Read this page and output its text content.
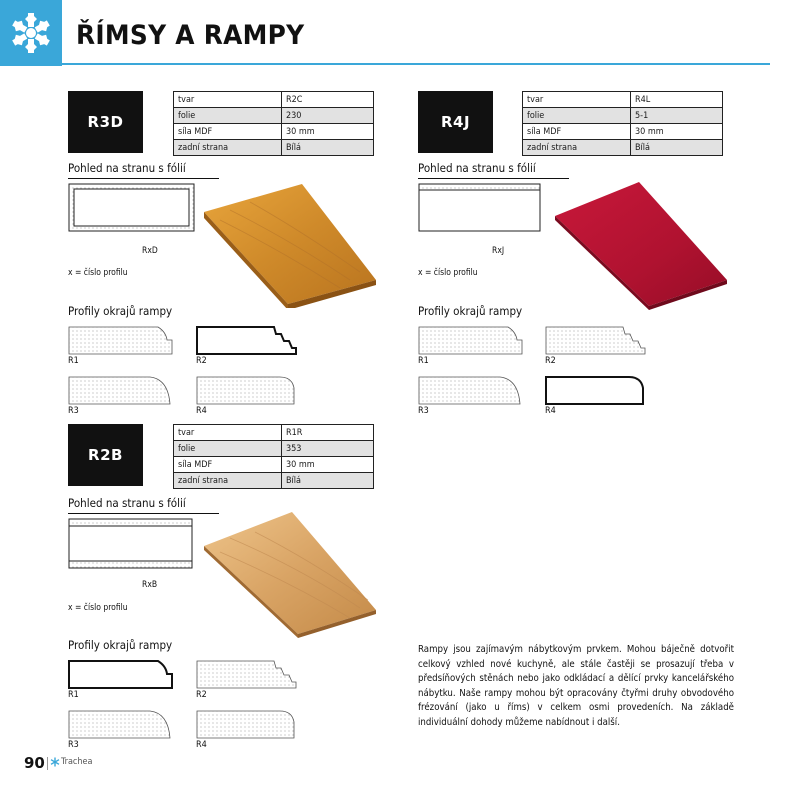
ŘÍMSY A RAMPY
R3D
tvar	R2C
folie	230
síla MDF	30 mm
zadní strana	Bílá
Pohled na stranu s fólií
RxD
x = číslo profilu
Profily okrajů rampy
R1	R2
R3	R4
R4J
tvar	R4L
folie	5-1
síla MDF	30 mm
zadní strana	Bílá
Pohled na stranu s fólií
RxJ
x = číslo profilu
Profily okrajů rampy
R1	R2
R3	R4
R2B
tvar	R1R
folie	353
síla MDF	30 mm
zadní strana	Bílá
Pohled na stranu s fólií
RxB
x = číslo profilu
Profily okrajů rampy
R1	R2
R3	R4
Rampy jsou zajímavým nábytkovým prvkem. Mohou báječně dotvořit celkový vzhled nové kuchyně, ale stále častěji se prosazují třeba v předsíňových stěnách nebo jako odkládací a dělící prvky kancelářského nábytku. Naše rampy mohou být opracovány čtyřmi druhy obvodového frézování (jako u říms) v celkem osmi provedeních. Na základě individuální dohody můžeme nabídnout i další.
90 Trachea
